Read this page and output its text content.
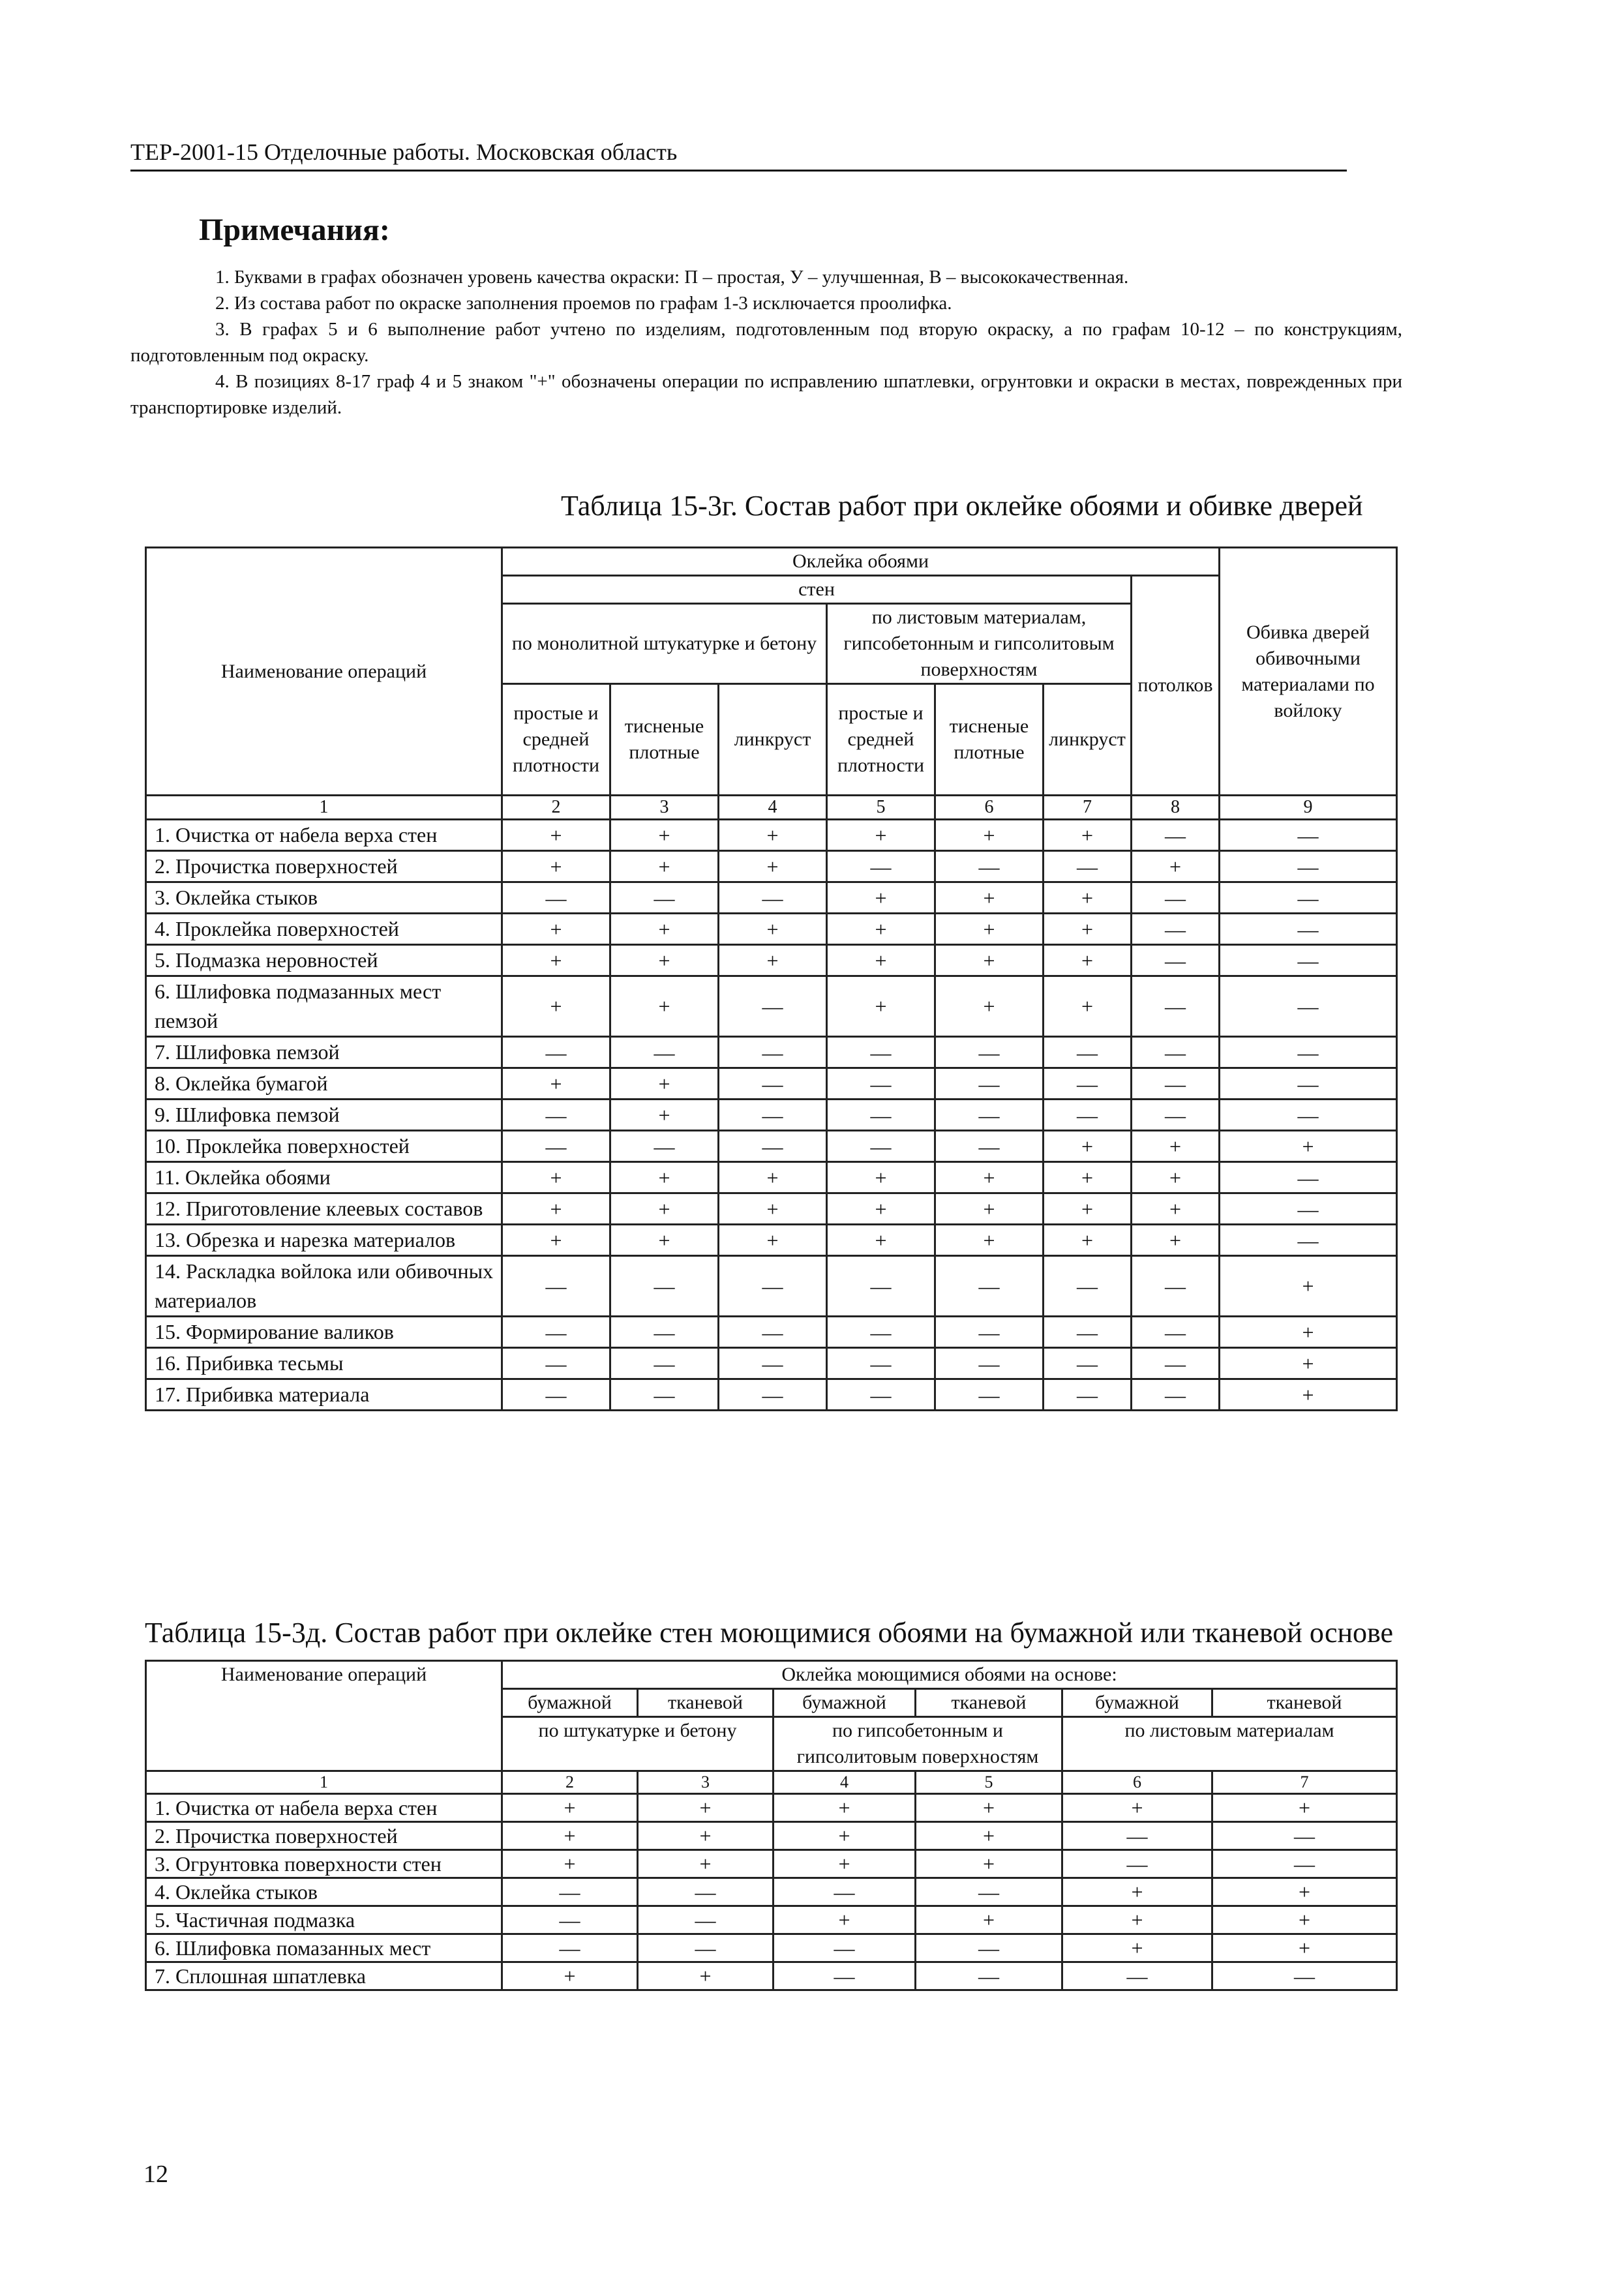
ТЕР-2001-15 Отделочные работы. Московская область
Примечания:

1. Буквами в графах обозначен уровень качества окраски: П – простая, У – улучшенная, В – высококачественная.

2. Из состава работ по окраске заполнения проемов по графам 1-3 исключается проолифка.

3. В графах 5 и 6 выполнение работ учтено по изделиям, подготовленным под вторую окраску, а по графам 10-12 – по конструкциям, подготовленным под окраску.

4. В позициях 8-17 граф 4 и 5 знаком "+" обозначены операции по исправлению шпатлевки, огрунтовки и окраски в местах, поврежденных при транспортировке изделий.

Таблица 15-3г. Состав работ при оклейке обоями и обивке дверей
Наименование операций	Оклейка обоями							Обивка дверей обивочными материалами по войлоку
	стен						потолков	
	по монолитной штукатурке и бетону			по листовым материалам, гипсобетонным и гипсолитовым поверхностям				
	простые и средней плотности	тисненые плотные	линкруст	простые и средней плотности	тисненые плотные	линкруст		
1	2	3	4	5	6	7	8	9
1. Очистка от набела верха стен	+	+	+	+	+	+	—	—
2. Прочистка поверхностей	+	+	+	—	—	—	+	—
3. Оклейка стыков	—	—	—	+	+	+	—	—
4. Проклейка поверхностей	+	+	+	+	+	+	—	—
5. Подмазка неровностей	+	+	+	+	+	+	—	—
6. Шлифовка подмазанных мест пемзой	+	+	—	+	+	+	—	—
7. Шлифовка пемзой	—	—	—	—	—	—	—	—
8. Оклейка бумагой	+	+	—	—	—	—	—	—
9. Шлифовка пемзой	—	+	—	—	—	—	—	—
10. Проклейка поверхностей	—	—	—	—	—	+	+	+
11. Оклейка обоями	+	+	+	+	+	+	+	—
12. Приготовление клеевых составов	+	+	+	+	+	+	+	—
13. Обрезка и нарезка материалов	+	+	+	+	+	+	+	—
14. Раскладка войлока или обивочных материалов	—	—	—	—	—	—	—	+
15. Формирование валиков	—	—	—	—	—	—	—	+
16. Прибивка тесьмы	—	—	—	—	—	—	—	+
17. Прибивка материала	—	—	—	—	—	—	—	+
Таблица 15-3д. Состав работ при оклейке стен моющимися обоями на бумажной или тканевой основе
Наименование операций	Оклейка моющимися обоями на основе:					
	бумажной	тканевой	бумажной	тканевой	бумажной	тканевой
	по штукатурке и бетону		по гипсобетонным и гипсолитовым поверхностям		по листовым материалам	
1	2	3	4	5	6	7
1. Очистка от набела верха стен	+	+	+	+	+	+
2. Прочистка поверхностей	+	+	+	+	—	—
3. Огрунтовка поверхности стен	+	+	+	+	—	—
4. Оклейка стыков	—	—	—	—	+	+
5. Частичная подмазка	—	—	+	+	+	+
6. Шлифовка помазанных мест	—	—	—	—	+	+
7. Сплошная шпатлевка	+	+	—	—	—	—
12
